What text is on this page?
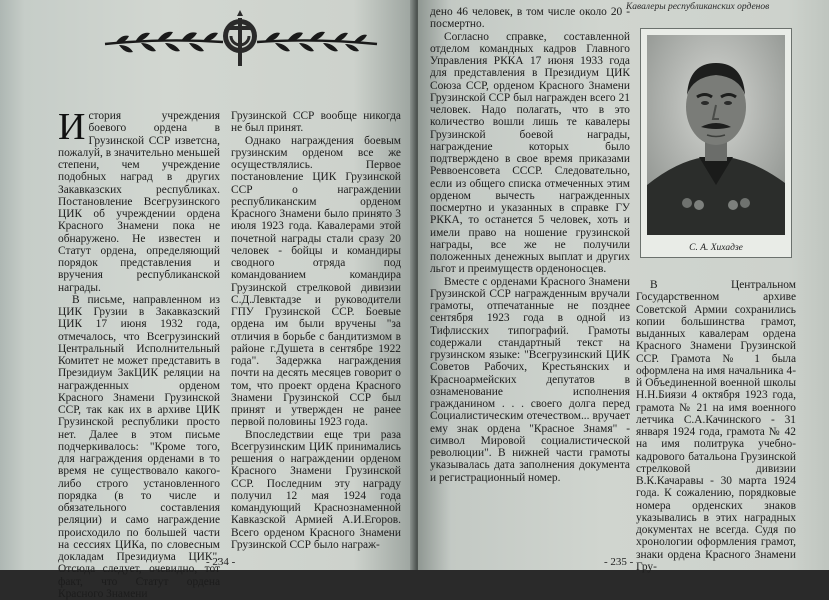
История учреждения боевого ордена в Грузинской ССР изветсна, пожалуй, в значительно меньшей степени, чем учреждение подобных наград в других Закавказских республиках. Постановление Всегрузинского ЦИК об учреждении ордена Красного Знамени пока не обнаружено. Не известен и Статут ордена, определяющий порядок представления и вручения республиканской награды.

В письме, направленном из ЦИК Грузии в Закавказский ЦИК 17 июня 1932 года, отмечалось, что Всегрузинский Центральный Исполнительный Комитет не может представить в Президиум ЗакЦИК реляции на награжденных орденом Красного Знамени Грузинской ССР, так как их в архиве ЦИК Грузинской республики просто нет. Далее в этом письме подчеркивалось: "Кроме того, для награждения орденами в то время не существовало какого-либо строго установленного порядка (в то числе и обязательного составления реляции) и само награждение происходило по большей части на сессиях ЦИКа, по словесным докладам Президиума ЦИК". Отсюда следует, очевидно, тот факт, что Статут ордена Красного Знамени

Грузинской ССР вообще никогда не был принят.

Однако награждения боевым грузинским орденом все же осуществлялись. Первое постановление ЦИК Грузинской ССР о награждении республиканским орденом Красного Знамени было принято 3 июля 1923 года. Кавалерами этой почетной награды стали сразу 20 человек - бойцы и командиры сводного отряда под командованием командира Грузинской стрелковой дивизии С.Д.Левктадзе и руководители ГПУ Грузинской ССР. Боевые ордена им были вручены "за отличия в борьбе с бандитизмом в районе г.Душета в сентябре 1922 года". Задержка награждения почти на десять месяцев говорит о том, что проект ордена Красного Знамени Грузинской ССР был принят и утвержден не ранее первой половины 1923 года.

Впоследствии еще три раза Всегрузинским ЦИК принимались решения о награждении орденом Красного Знамени Грузинской ССР. Последним эту награду получил 12 мая 1924 года командующий Краснознаменной Кавказской Армией А.И.Егоров. Всего орденом Красного Знамени Грузинской ССР было награж-

- 234 -
Кавалеры республиканских орденов

дено 46 человек, в том числе около 20 - посмертно.

Согласно справке, составленной отделом командных кадров Главного Управления РККА 17 июня 1933 года для представления в Президиум ЦИК Союза ССР, орденом Красного Знамени Грузинской ССР был награжден всего 21 человек. Надо полагать, что в это количество вошли лишь те кавалеры Грузинской боевой награды, награждение которых было подтверждено в свое время приказами Реввоенсовета СССР. Следовательно, если из общего списка отмеченных этим орденом вычесть награжденных посмертно и указанных в справке ГУ РККА, то останется 5 человек, хоть и имели право на ношение грузинской награды, все же не получили положенных денежных выплат и других льгот и преимуществ орденоносцев.

Вместе с орденами Красного Знамени Грузинской ССР награжденным вручали грамоты, отпечатанные не позднее сентября 1923 года в одной из Тифлисских типографий. Грамоты содержали стандартный текст на грузинском языке: "Всегрузинский ЦИК Советов Рабочих, Крестьянских и Красноармейских депутатов в ознаменование исполнения гражданином . . . своего долга перед Социалистическим отечеством... вручает ему знак ордена "Красное Знамя" - символ Мировой социалистической революции". В нижней части грамоты указывалась дата заполнения документа и регистрационный номер.

С. А. Хихадзе

В Центральном Государственном архиве Советской Армии сохранились копии большинства грамот, выданных кавалерам ордена Красного Знамени Грузинской ССР. Грамота № 1 была оформлена на имя начальника 4-й Объединенной военной школы Н.Н.Биязи 4 октября 1923 года, грамота № 21 на имя военного летчика С.А.Качинского - 31 января 1924 года, грамота № 42 на имя политрука учебно-кадрового батальона Грузинской стрелковой дивизии В.К.Качаравы - 30 марта 1924 года. К сожалению, порядковые номера орденских знаков указывались в этих наградных документах не всегда. Судя по хронологии оформления грамот, знаки ордена Красного Знамени Гру-

- 235 -
